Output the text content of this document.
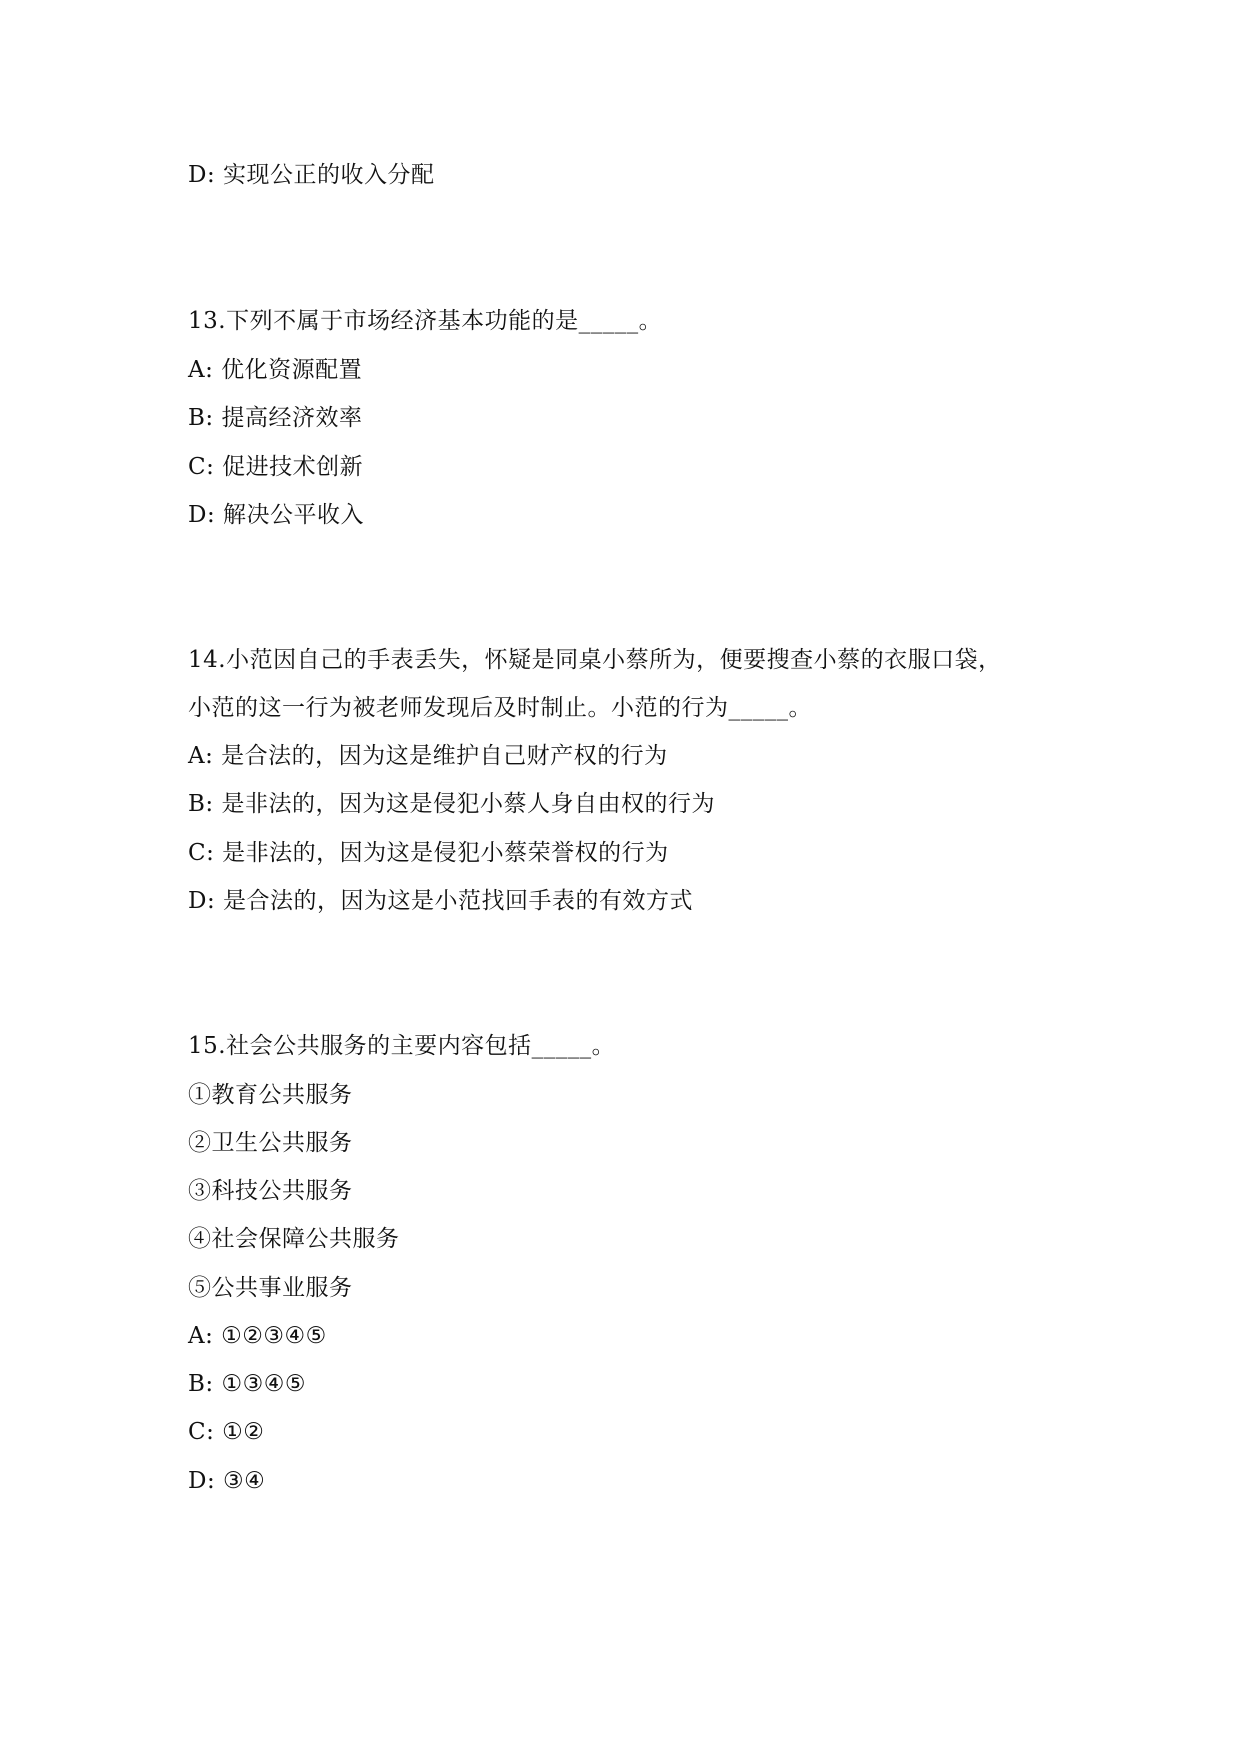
D: 实现公正的收入分配
13.下列不属于市场经济基本功能的是_____。
A: 优化资源配置
B: 提高经济效率
C: 促进技术创新
D: 解决公平收入
14.小范因自己的手表丢失，怀疑是同桌小蔡所为，便要搜查小蔡的衣服口袋，
小范的这一行为被老师发现后及时制止。小范的行为_____。
A: 是合法的，因为这是维护自己财产权的行为
B: 是非法的，因为这是侵犯小蔡人身自由权的行为
C: 是非法的，因为这是侵犯小蔡荣誉权的行为
D: 是合法的，因为这是小范找回手表的有效方式
15.社会公共服务的主要内容包括_____。
①教育公共服务
②卫生公共服务
③科技公共服务
④社会保障公共服务
⑤公共事业服务
A: ①②③④⑤
B: ①③④⑤
C: ①②
D: ③④
